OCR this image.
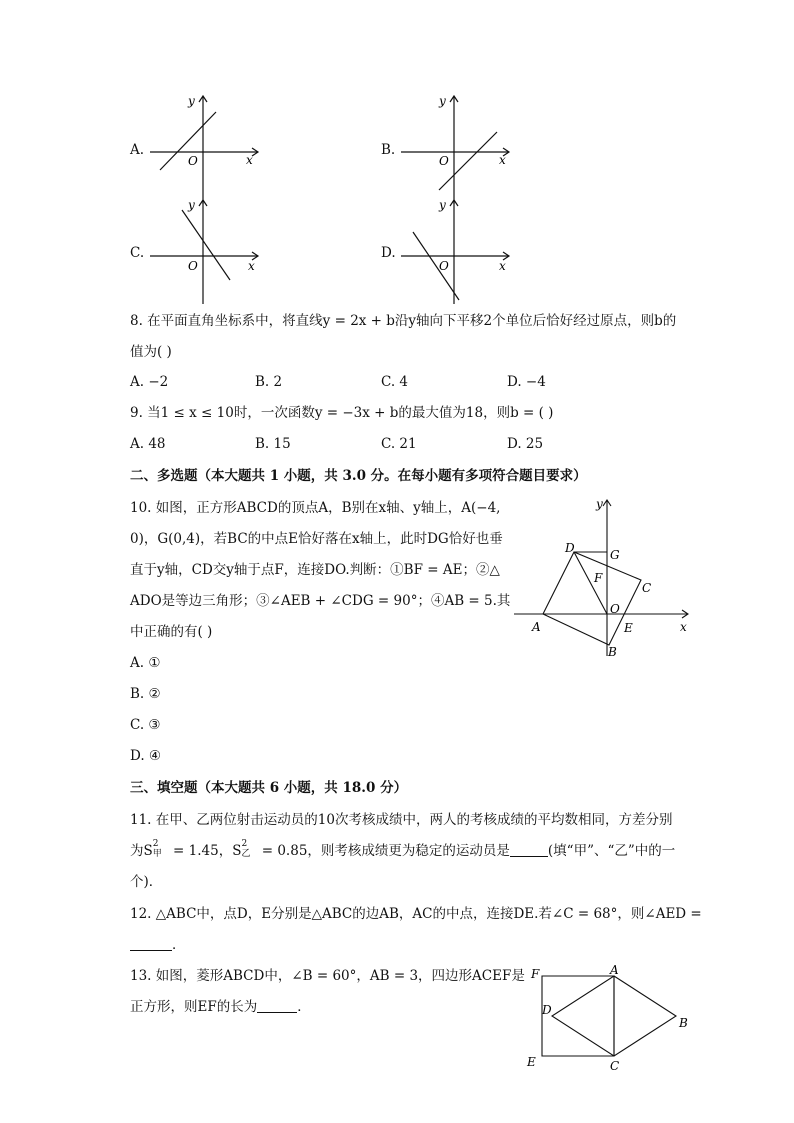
A.
y
x
O
B.
y
x
O
C.
y
x
O
D.
y
x
O
8. 在平面直角坐标系中，将直线y = 2x + b沿y轴向下平移2个单位后恰好经过原点，则b的
值为( )
A. −2	B. 2	C. 4	D. −4
9. 当1 ≤ x ≤ 10时，一次函数y = −3x + b的最大值为18，则b = ( )
A. 48	B. 15	C. 21	D. 25
二、多选题（本大题共 1 小题，共 3.0 分。在每小题有多项符合题目要求）
10. 如图，正方形ABCD的顶点A，B别在x轴、y轴上，A(−4,
0)，G(0,4)，若BC的中点E恰好落在x轴上，此时DG恰好也垂
直于y轴，CD交y轴于点F，连接DO.判断：①BF = AE；②△
ADO是等边三角形；③∠AEB + ∠CDG = 90°；④AB = 5.其
中正确的有( )
A. ①
B. ②
C. ③
D. ④
y
x
D	G
F
C
O
A	E
B
三、填空题（本大题共 6 小题，共 18.0 分）
11. 在甲、乙两位射击运动员的10次考核成绩中，两人的考核成绩的平均数相同，方差分别
为S 2
甲 = 1.45，S 2
乙 = 0.85，则考核成绩更为稳定的运动员是	(填“甲”、“乙”中的一
个)．
12. △ABC中，点D，E分别是△ABC的边AB，AC的中点，连接DE.若∠C = 68°，则∠AED =
．
13. 如图，菱形ABCD中，∠B = 60°，AB = 3，四边形ACEF是
正方形，则EF的长为	．
F	A
D
B
E	C
